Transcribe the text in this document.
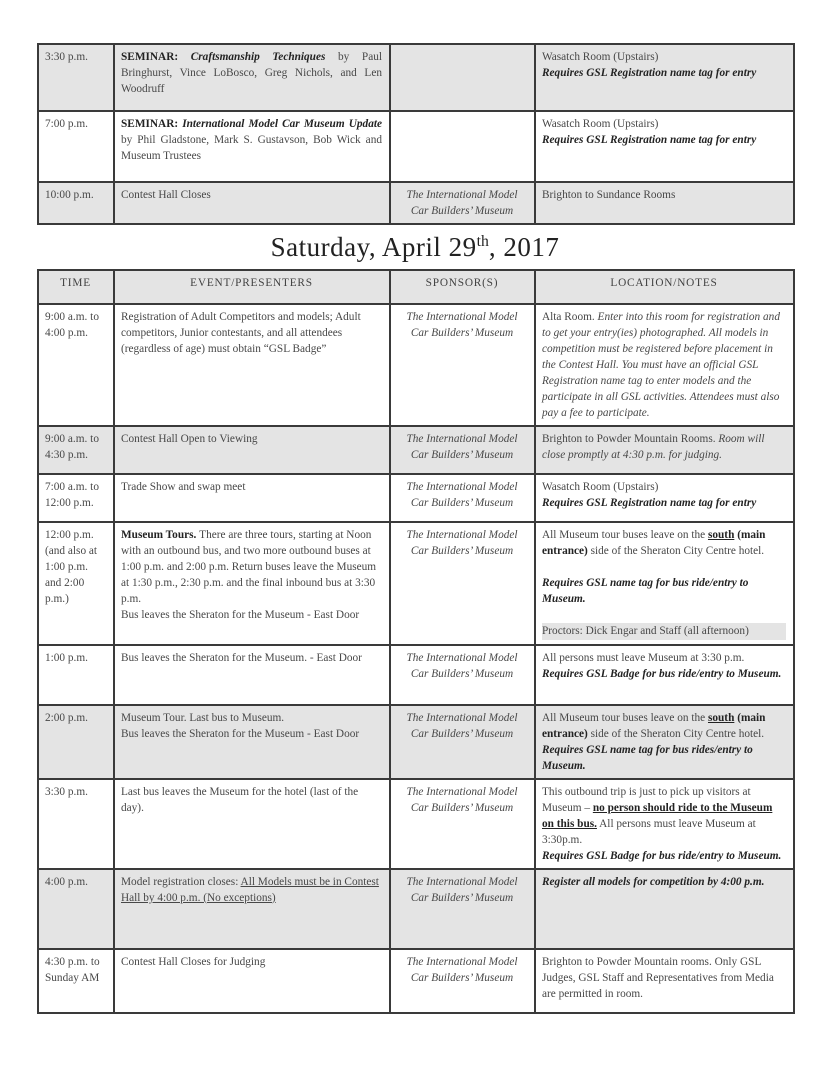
3:30 p.m.	SEMINAR: Craftsmanship Techniques by Paul Bringhurst, Vince LoBosco, Greg Nichols, and Len Woodruff		Wasatch Room (Upstairs)
Requires GSL Registration name tag for entry
7:00 p.m.	SEMINAR: International Model Car Museum Update by Phil Gladstone, Mark S. Gustavson, Bob Wick and Museum Trustees		Wasatch Room (Upstairs)
Requires GSL Registration name tag for entry
10:00 p.m.	Contest Hall Closes	The International Model Car Builders’ Museum	Brighton to Sundance Rooms
Saturday, April 29th, 2017
TIME	EVENT/PRESENTERS	SPONSOR(S)	LOCATION/NOTES
9:00 a.m. to 4:00 p.m.	Registration of Adult Competitors and models; Adult competitors, Junior contestants, and all attendees (regardless of age) must obtain “GSL Badge”	The International Model Car Builders’ Museum	Alta Room. Enter into this room for registration and to get your entry(ies) photographed. All models in competition must be registered before placement in the Contest Hall. You must have an official GSL Registration name tag to enter models and the participate in all GSL activities. Attendees must also pay a fee to participate.
9:00 a.m. to 4:30 p.m.	Contest Hall Open to Viewing	The International Model Car Builders’ Museum	Brighton to Powder Mountain Rooms. Room will close promptly at 4:30 p.m. for judging.
7:00 a.m. to 12:00 p.m.	Trade Show and swap meet	The International Model Car Builders’ Museum	Wasatch Room (Upstairs)
Requires GSL Registration name tag for entry
12:00 p.m. (and also at 1:00 p.m. and 2:00 p.m.)	Museum Tours. There are three tours, starting at Noon with an outbound bus, and two more outbound buses at 1:00 p.m. and 2:00 p.m. Return buses leave the Museum at 1:30 p.m., 2:30 p.m. and the final inbound bus at 3:30 p.m.
Bus leaves the Sheraton for the Museum - East Door	The International Model Car Builders’ Museum	All Museum tour buses leave on the south (main entrance) side of the Sheraton City Centre hotel.

Requires GSL name tag for bus ride/entry to Museum.

Proctors: Dick Engar and Staff (all afternoon)
1:00 p.m.	Bus leaves the Sheraton for the Museum. - East Door	The International Model Car Builders’ Museum	All persons must leave Museum at 3:30 p.m.
Requires GSL Badge for bus ride/entry to Museum.
2:00 p.m.	Museum Tour. Last bus to Museum.
Bus leaves the Sheraton for the Museum - East Door	The International Model Car Builders’ Museum	All Museum tour buses leave on the south (main entrance) side of the Sheraton City Centre hotel.
Requires GSL name tag for bus rides/entry to Museum.
3:30 p.m.	Last bus leaves the Museum for the hotel (last of the day).	The International Model Car Builders’ Museum	This outbound trip is just to pick up visitors at Museum – no person should ride to the Museum on this bus. All persons must leave Museum at 3:30p.m.
Requires GSL Badge for bus ride/entry to Museum.
4:00 p.m.	Model registration closes: All Models must be in Contest Hall by 4:00 p.m. (No exceptions)	The International Model Car Builders’ Museum	Register all models for competition by 4:00 p.m.
4:30 p.m. to Sunday AM	Contest Hall Closes for Judging	The International Model Car Builders’ Museum	Brighton to Powder Mountain rooms. Only GSL Judges, GSL Staff and Representatives from Media are permitted in room.
